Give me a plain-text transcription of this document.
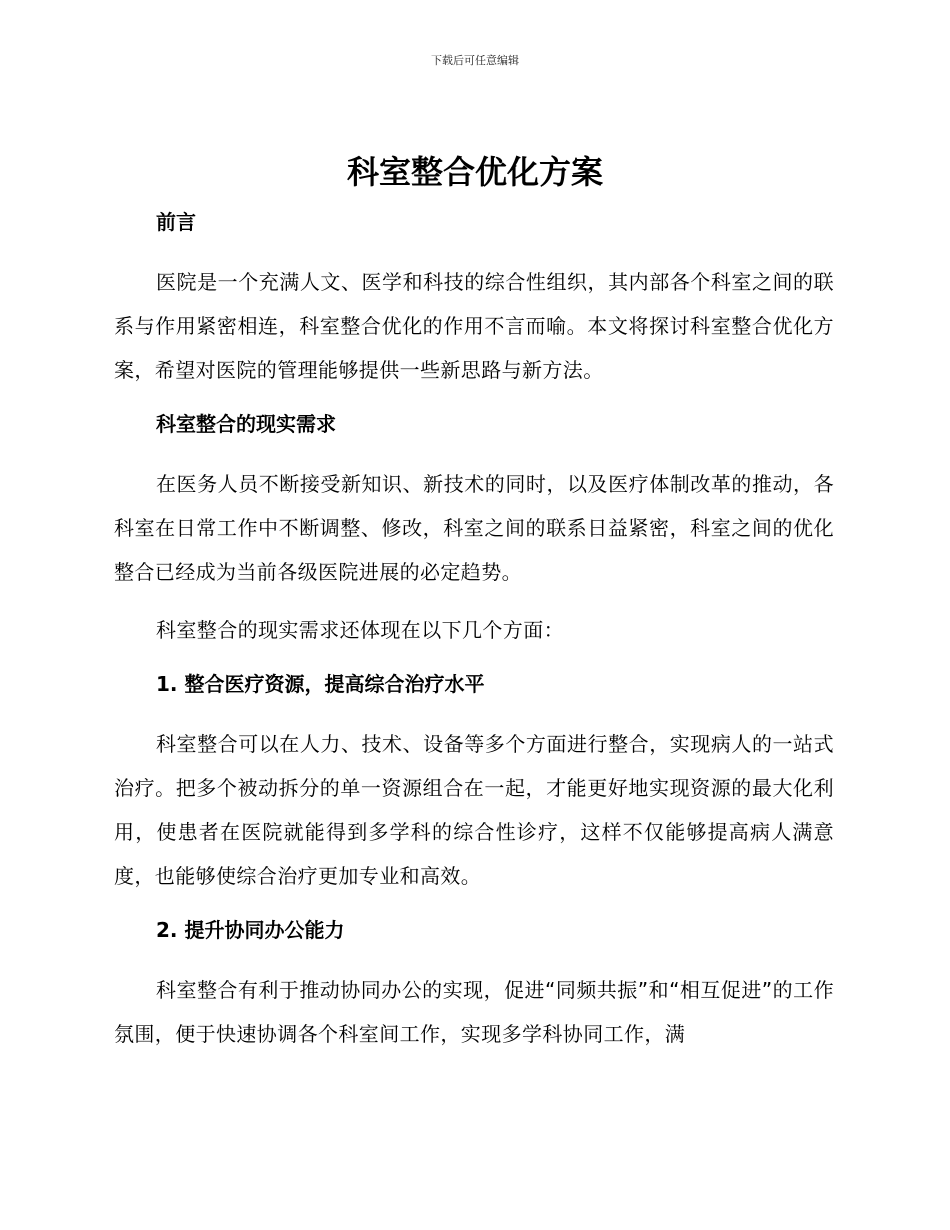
下载后可任意编辑
科室整合优化方案
前言

医院是一个充满人文、医学和科技的综合性组织，其内部各个科室之间的联系与作用紧密相连，科室整合优化的作用不言而喻。本文将探讨科室整合优化方案，希望对医院的管理能够提供一些新思路与新方法。

科室整合的现实需求

在医务人员不断接受新知识、新技术的同时，以及医疗体制改革的推动，各科室在日常工作中不断调整、修改，科室之间的联系日益紧密，科室之间的优化整合已经成为当前各级医院进展的必定趋势。

科室整合的现实需求还体现在以下几个方面：

1. 整合医疗资源，提高综合治疗水平

科室整合可以在人力、技术、设备等多个方面进行整合，实现病人的一站式治疗。把多个被动拆分的单一资源组合在一起，才能更好地实现资源的最大化利用，使患者在医院就能得到多学科的综合性诊疗，这样不仅能够提高病人满意度，也能够使综合治疗更加专业和高效。

2. 提升协同办公能力

科室整合有利于推动协同办公的实现，促进“同频共振”和“相互促进”的工作氛围，便于快速协调各个科室间工作，实现多学科协同工作，满
